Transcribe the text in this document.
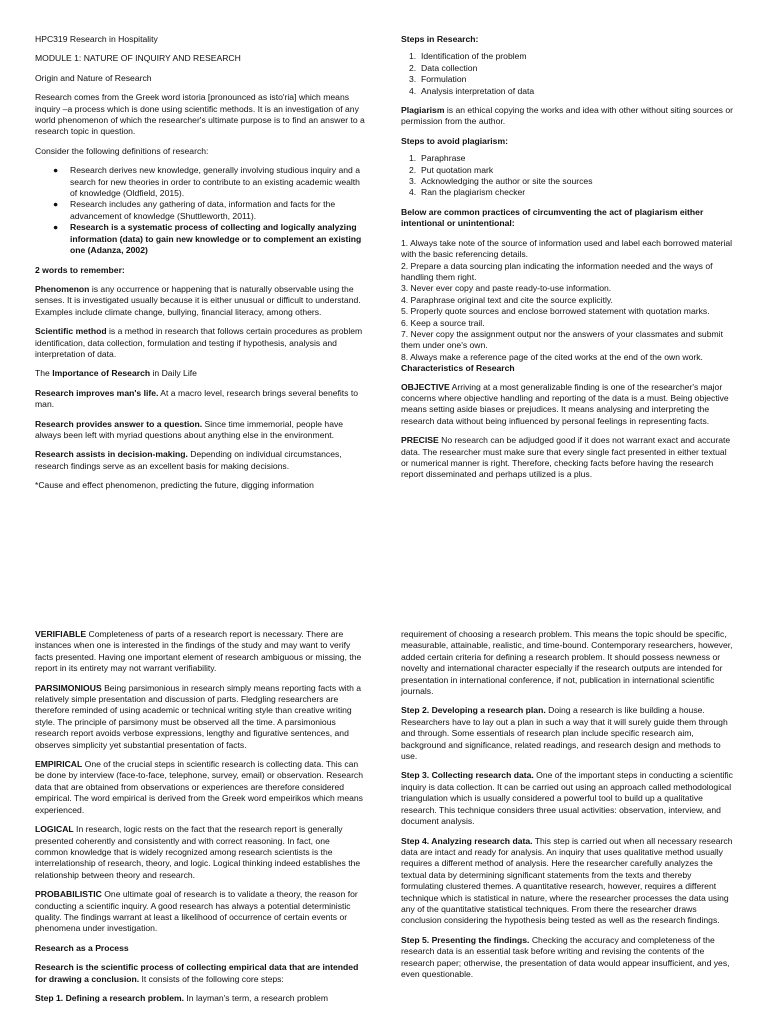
HPC319 Research in Hospitality

MODULE 1: NATURE OF INQUIRY AND RESEARCH

Origin and Nature of Research

Research comes from the Greek word istoria [pronounced as isto'ria] which means inquiry –a process which is done using scientific methods. It is an investigation of any world phenomenon of which the researcher's ultimate purpose is to find an answer to a research topic in question.

Consider the following definitions of research:

● Research derives new knowledge, generally involving studious inquiry and a search for new theories in order to contribute to an existing academic wealth of knowledge (Oldfield, 2015).
● Research includes any gathering of data, information and facts for the advancement of knowledge (Shuttleworth, 2011).
● Research is a systematic process of collecting and logically analyzing information (data) to gain new knowledge or to complement an existing one (Adanza, 2002)

2 words to remember:

Phenomenon is any occurrence or happening that is naturally observable using the senses. It is investigated usually because it is either unusual or difficult to understand. Examples include climate change, bullying, financial literacy, among others.

Scientific method is a method in research that follows certain procedures as problem identification, data collection, formulation and testing if hypothesis, analysis and interpretation of data.

The Importance of Research in Daily Life

Research improves man's life. At a macro level, research brings several benefits to man.

Research provides answer to a question. Since time immemorial, people have always been left with myriad questions about anything else in the environment.

Research assists in decision-making. Depending on individual circumstances, research findings serve as an excellent basis for making decisions.

*Cause and effect phenomenon, predicting the future, digging information

Steps in Research:

1. Identification of the problem
2. Data collection
3. Formulation
4. Analysis interpretation of data

Plagiarism is an ethical copying the works and idea with other without siting sources or permission from the author.

Steps to avoid plagiarism:

1. Paraphrase
2. Put quotation mark
3. Acknowledging the author or site the sources
4. Ran the plagiarism checker

Below are common practices of circumventing the act of plagiarism either intentional or unintentional:

1. Always take note of the source of information used and label each borrowed material with the basic referencing details.
2. Prepare a data sourcing plan indicating the information needed and the ways of handling them right.
3. Never ever copy and paste ready-to-use information.
4. Paraphrase original text and cite the source explicitly.
5. Properly quote sources and enclose borrowed statement with quotation marks.
6. Keep a source trail.
7. Never copy the assignment output nor the answers of your classmates and submit them under one's own.
8. Always make a reference page of the cited works at the end of the own work.

Characteristics of Research

OBJECTIVE Arriving at a most generalizable finding is one of the researcher's major concerns where objective handling and reporting of the data is a must. Being objective means setting aside biases or prejudices. It means analysing and interpreting the research data without being influenced by personal feelings in representing facts.

PRECISE No research can be adjudged good if it does not warrant exact and accurate data. The researcher must make sure that every single fact presented in either textual or numerical manner is right. Therefore, checking facts before having the research report disseminated and perhaps utilized is a plus.

VERIFIABLE Completeness of parts of a research report is necessary. There are instances when one is interested in the findings of the study and may want to verify facts presented. Having one important element of research ambiguous or missing, the report in its entirety may not warrant verifiability.

PARSIMONIOUS Being parsimonious in research simply means reporting facts with a relatively simple presentation and discussion of parts. Fledgling researchers are therefore reminded of using academic or technical writing style than creative writing style. The principle of parsimony must be observed all the time. A parsimonious research report avoids verbose expressions, lengthy and figurative sentences, and observes simplicity yet substantial presentation of facts.

EMPIRICAL One of the crucial steps in scientific research is collecting data. This can be done by interview (face-to-face, telephone, survey, email) or observation. Research data that are obtained from observations or experiences are therefore considered empirical. The word empirical is derived from the Greek word empeirikos which means experienced.

LOGICAL In research, logic rests on the fact that the research report is generally presented coherently and consistently and with correct reasoning. In fact, one common knowledge that is widely recognized among research scientists is the interrelationship of research, theory, and logic. Logical thinking indeed establishes the relationship between theory and research.

PROBABILISTIC One ultimate goal of research is to validate a theory, the reason for conducting a scientific inquiry. A good research has always a potential deterministic quality. The findings warrant at least a likelihood of occurrence of certain events or phenomena under investigation.

Research as a Process

Research is the scientific process of collecting empirical data that are intended for drawing a conclusion. It consists of the following core steps:

Step 1. Defining a research problem. In layman's term, a research problem

requirement of choosing a research problem. This means the topic should be specific, measurable, attainable, realistic, and time-bound. Contemporary researchers, however, added certain criteria for defining a research problem. It should possess newness or novelty and international character especially if the research outputs are intended for presentation in international conference, if not, publication in international scientific journals.

Step 2. Developing a research plan. Doing a research is like building a house. Researchers have to lay out a plan in such a way that it will surely guide them through and through. Some essentials of research plan include specific research aim, background and significance, related readings, and research design and methods to use.

Step 3. Collecting research data. One of the important steps in conducting a scientific inquiry is data collection. It can be carried out using an approach called methodological triangulation which is usually considered a powerful tool to build up a qualitative research. This technique considers three usual activities: observation, interview, and document analysis.

Step 4. Analyzing research data. This step is carried out when all necessary research data are intact and ready for analysis. An inquiry that uses qualitative method usually requires a different method of analysis. Here the researcher carefully analyzes the textual data by determining significant statements from the texts and thereby formulating clustered themes. A quantitative research, however, requires a different technique which is statistical in nature, where the researcher processes the data using any of the quantitative statistical techniques. From there the researcher draws conclusion considering the hypothesis being tested as well as the research findings.

Step 5. Presenting the findings. Checking the accuracy and completeness of the research data is an essential task before writing and revising the contents of the research paper; otherwise, the presentation of data would appear insufficient, and yes, even questionable.
